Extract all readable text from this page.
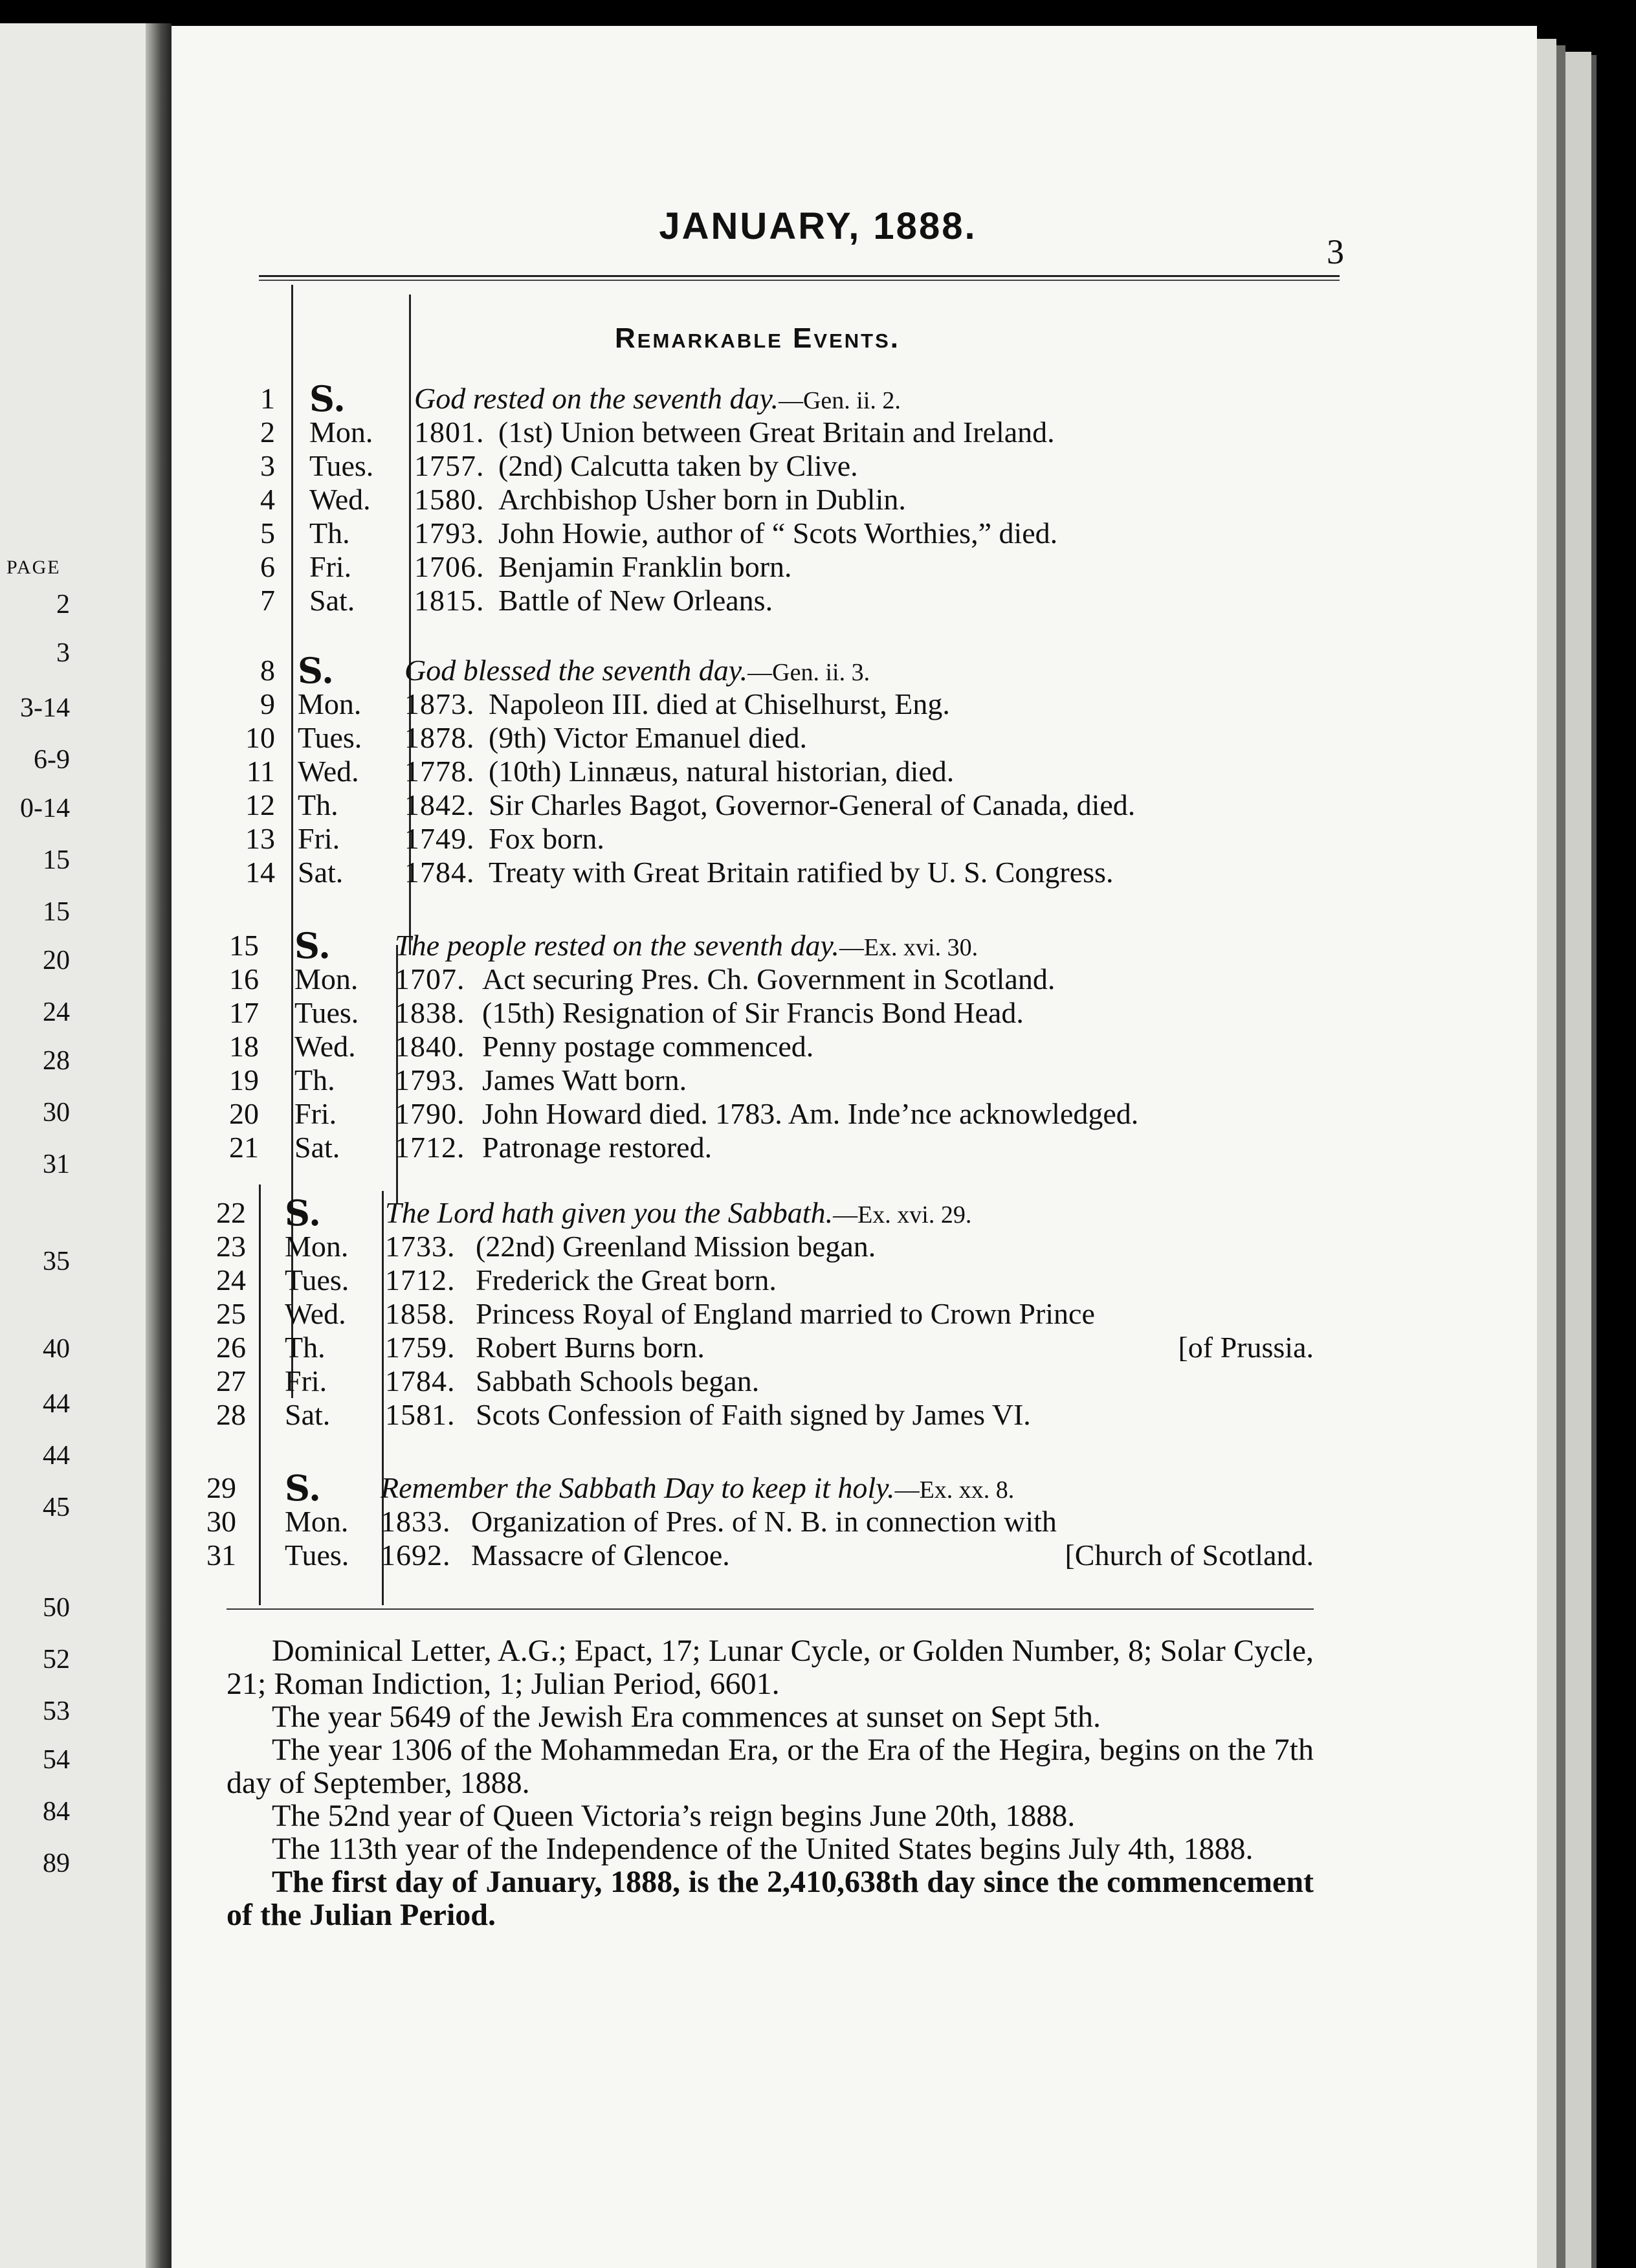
PAGE
2
3
3-14
6-9
0-14
15
15
20
24
28
30
31
35
40
44
44
45
50
52
53
54
84
89
JANUARY, 1888.
3
Remarkable Events.
1 S. God rested on the seventh day.—Gen. ii. 2.
2 Mon. 1801. (1st) Union between Great Britain and Ireland.
3 Tues. 1757. (2nd) Calcutta taken by Clive.
4 Wed. 1580. Archbishop Usher born in Dublin.
5 Th. 1793. John Howie, author of “ Scots Worthies,” died.
6 Fri. 1706. Benjamin Franklin born.
7 Sat. 1815. Battle of New Orleans.
8 S. God blessed the seventh day.—Gen. ii. 3.
9 Mon. 1873. Napoleon III. died at Chiselhurst, Eng.
10 Tues. 1878. (9th) Victor Emanuel died.
11 Wed. 1778. (10th) Linnæus, natural historian, died.
12 Th. 1842. Sir Charles Bagot, Governor-General of Canada, died.
13 Fri. 1749. Fox born.
14 Sat. 1784. Treaty with Great Britain ratified by U. S. Congress.
15 S. The people rested on the seventh day.—Ex. xvi. 30.
16 Mon. 1707. Act securing Pres. Ch. Government in Scotland.
17 Tues. 1838. (15th) Resignation of Sir Francis Bond Head.
18 Wed. 1840. Penny postage commenced.
19 Th. 1793. James Watt born.
20 Fri. 1790. John Howard died. 1783. Am. Inde’nce acknowledged.
21 Sat. 1712. Patronage restored.
22 S. The Lord hath given you the Sabbath.—Ex. xvi. 29.
23 Mon. 1733. (22nd) Greenland Mission began.
24 Tues. 1712. Frederick the Great born.
25 Wed. 1858. Princess Royal of England married to Crown Prince
26 Th. 1759. Robert Burns born.	[of Prussia.
27 Fri. 1784. Sabbath Schools began.
28 Sat. 1581. Scots Confession of Faith signed by James VI.
29 S. Remember the Sabbath Day to keep it holy.—Ex. xx. 8.
30 Mon. 1833. Organization of Pres. of N. B. in connection with
31 Tues. 1692. Massacre of Glencoe.	[Church of Scotland.

Dominical Letter, A.G.; Epact, 17; Lunar Cycle, or Golden Number, 8; Solar Cycle, 21; Roman Indiction, 1; Julian Period, 6601.

The year 5649 of the Jewish Era commences at sunset on Sept 5th.

The year 1306 of the Mohammedan Era, or the Era of the Hegira, begins on the 7th day of September, 1888.

The 52nd year of Queen Victoria’s reign begins June 20th, 1888.

The 113th year of the Independence of the United States begins July 4th, 1888.

The first day of January, 1888, is the 2,410,638th day since the commencement of the Julian Period.
